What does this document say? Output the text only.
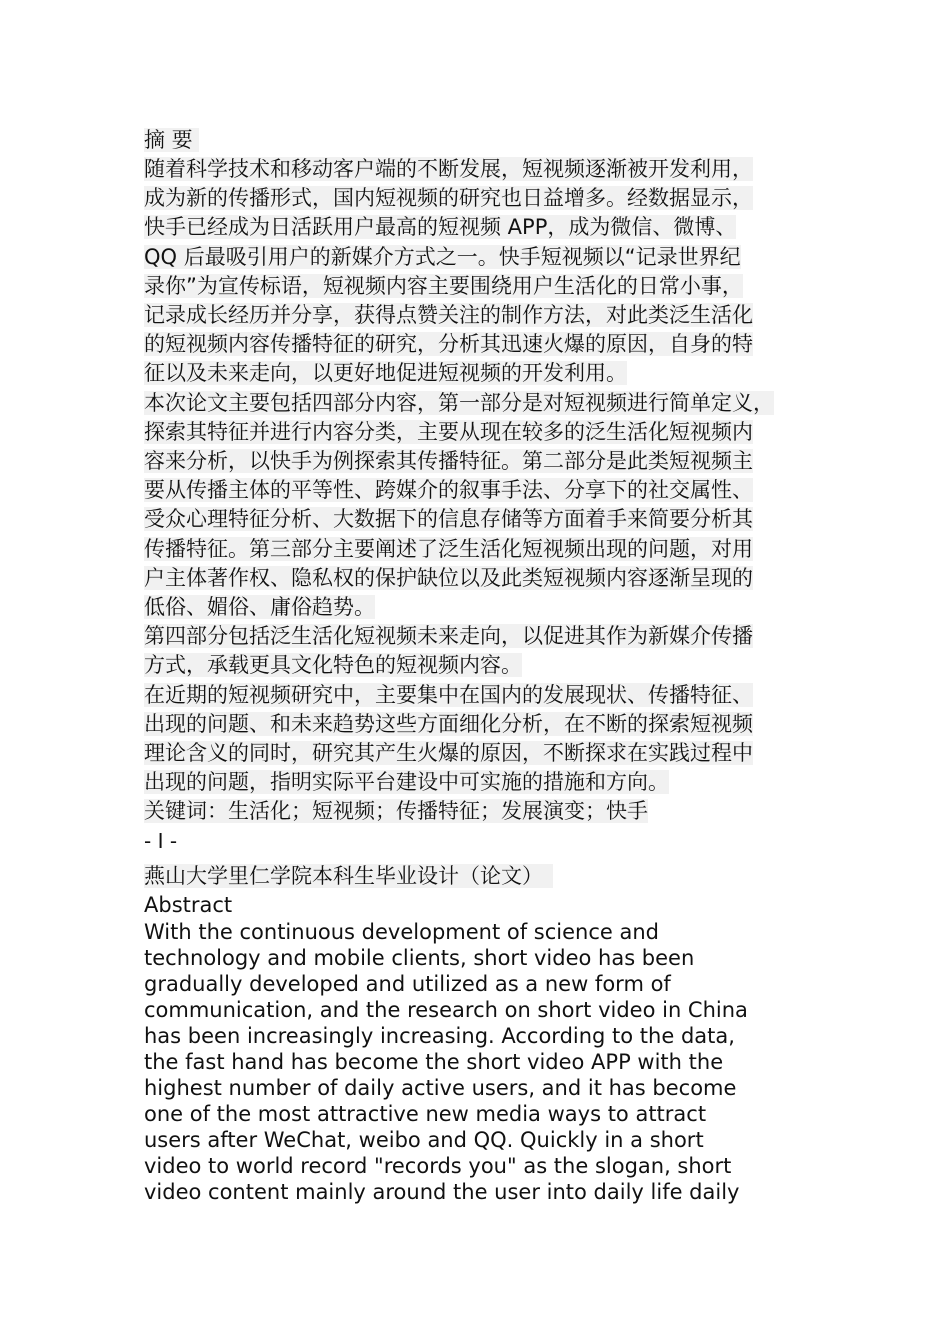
摘 要

随着科学技术和移动客户端的不断发展，短视频逐渐被开发利用，

成为新的传播形式，国内短视频的研究也日益增多。经数据显示，

快手已经成为日活跃用户最高的短视频 APP，成为微信、微博、

QQ 后最吸引用户的新媒介方式之一。快手短视频以“记录世界纪

录你”为宣传标语，短视频内容主要围绕用户生活化的日常小事，

记录成长经历并分享，获得点赞关注的制作方法，对此类泛生活化

的短视频内容传播特征的研究，分析其迅速火爆的原因，自身的特

征以及未来走向，以更好地促进短视频的开发利用。

本次论文主要包括四部分内容，第一部分是对短视频进行简单定义，

探索其特征并进行内容分类，主要从现在较多的泛生活化短视频内

容来分析，以快手为例探索其传播特征。第二部分是此类短视频主

要从传播主体的平等性、跨媒介的叙事手法、分享下的社交属性、

受众心理特征分析、大数据下的信息存储等方面着手来简要分析其

传播特征。第三部分主要阐述了泛生活化短视频出现的问题，对用

户主体著作权、隐私权的保护缺位以及此类短视频内容逐渐呈现的

低俗、媚俗、庸俗趋势。

第四部分包括泛生活化短视频未来走向，以促进其作为新媒介传播

方式，承载更具文化特色的短视频内容。

在近期的短视频研究中，主要集中在国内的发展现状、传播特征、

出现的问题、和未来趋势这些方面细化分析，在不断的探索短视频

理论含义的同时，研究其产生火爆的原因，不断探求在实践过程中

出现的问题，指明实际平台建设中可实施的措施和方向。

关键词：生活化；短视频；传播特征；发展演变；快手

- I -

燕山大学里仁学院本科生毕业设计（论文）

Abstract

With the continuous development of science and

technology and mobile clients, short video has been

gradually developed and utilized as a new form of

communication, and the research on short video in China

has been increasingly increasing. According to the data,

the fast hand has become the short video APP with the

highest number of daily active users, and it has become

one of the most attractive new media ways to attract

users after WeChat, weibo and QQ. Quickly in a short

video to world record "records you" as the slogan, short

video content mainly around the user into daily life daily
